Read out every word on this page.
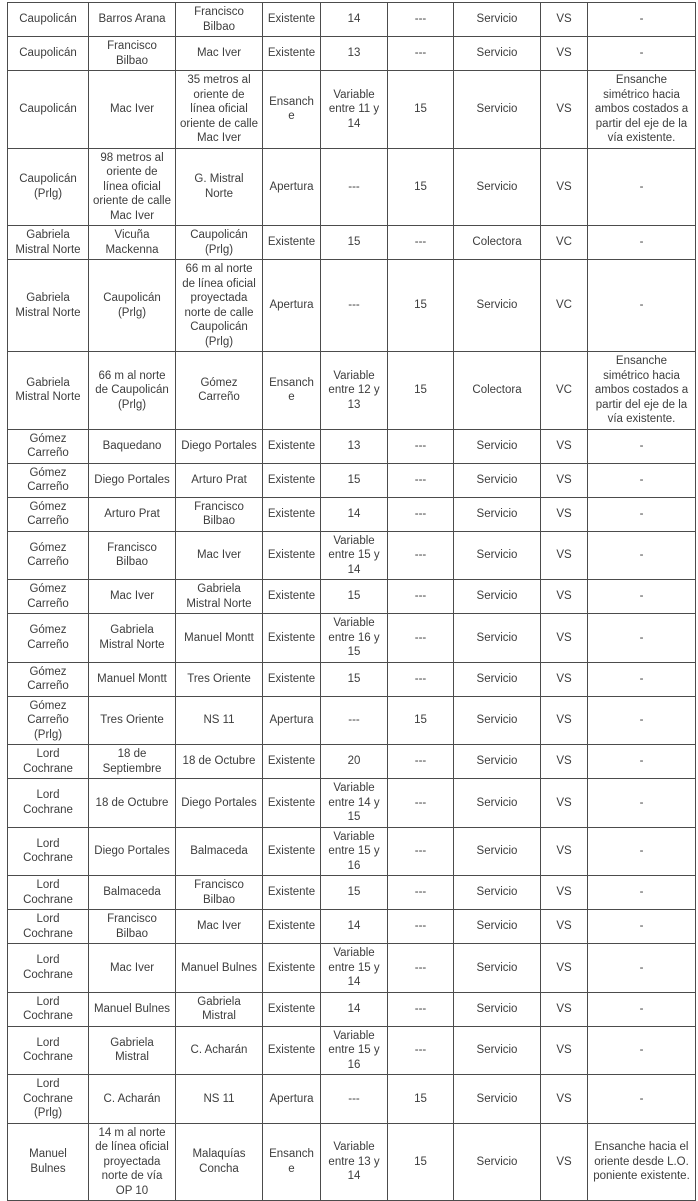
Caupolicán	Barros Arana	Francisco Bilbao	Existente	14	---	Servicio	VS	-
Caupolicán	Francisco Bilbao	Mac Iver	Existente	13	---	Servicio	VS	-
Caupolicán	Mac Iver	35 metros al oriente de línea oficial oriente de calle Mac Iver	Ensanche	Variable entre 11 y 14	15	Servicio	VS	Ensanche simétrico hacia ambos costados a partir del eje de la vía existente.
Caupolicán (Prlg)	98 metros al oriente de línea oficial oriente de calle Mac Iver	G. Mistral Norte	Apertura	---	15	Servicio	VS	-
Gabriela Mistral Norte	Vicuña Mackenna	Caupolicán (Prlg)	Existente	15	---	Colectora	VC	-
Gabriela Mistral Norte	Caupolicán (Prlg)	66 m al norte de línea oficial proyectada norte de calle Caupolicán (Prlg)	Apertura	---	15	Servicio	VC	-
Gabriela Mistral Norte	66 m al norte de Caupolicán (Prlg)	Gómez Carreño	Ensanche	Variable entre 12 y 13	15	Colectora	VC	Ensanche simétrico hacia ambos costados a partir del eje de la vía existente.
Gómez Carreño	Baquedano	Diego Portales	Existente	13	---	Servicio	VS	-
Gómez Carreño	Diego Portales	Arturo Prat	Existente	15	---	Servicio	VS	-
Gómez Carreño	Arturo Prat	Francisco Bilbao	Existente	14	---	Servicio	VS	-
Gómez Carreño	Francisco Bilbao	Mac Iver	Existente	Variable entre 15 y 14	---	Servicio	VS	-
Gómez Carreño	Mac Iver	Gabriela Mistral Norte	Existente	15	---	Servicio	VS	-
Gómez Carreño	Gabriela Mistral Norte	Manuel Montt	Existente	Variable entre 16 y 15	---	Servicio	VS	-
Gómez Carreño	Manuel Montt	Tres Oriente	Existente	15	---	Servicio	VS	-
Gómez Carreño (Prlg)	Tres Oriente	NS 11	Apertura	---	15	Servicio	VS	-
Lord Cochrane	18 de Septiembre	18 de Octubre	Existente	20	---	Servicio	VS	-
Lord Cochrane	18 de Octubre	Diego Portales	Existente	Variable entre 14 y 15	---	Servicio	VS	-
Lord Cochrane	Diego Portales	Balmaceda	Existente	Variable entre 15 y 16	---	Servicio	VS	-
Lord Cochrane	Balmaceda	Francisco Bilbao	Existente	15	---	Servicio	VS	-
Lord Cochrane	Francisco Bilbao	Mac Iver	Existente	14	---	Servicio	VS	-
Lord Cochrane	Mac Iver	Manuel Bulnes	Existente	Variable entre 15 y 14	---	Servicio	VS	-
Lord Cochrane	Manuel Bulnes	Gabriela Mistral	Existente	14	---	Servicio	VS	-
Lord Cochrane	Gabriela Mistral	C. Acharán	Existente	Variable entre 15 y 16	---	Servicio	VS	-
Lord Cochrane (Prlg)	C. Acharán	NS 11	Apertura	---	15	Servicio	VS	-
Manuel Bulnes	14 m al norte de línea oficial proyectada norte de vía OP 10	Malaquías Concha	Ensanche	Variable entre 13 y 14	15	Servicio	VS	Ensanche hacia el oriente desde L.O. poniente existente.
